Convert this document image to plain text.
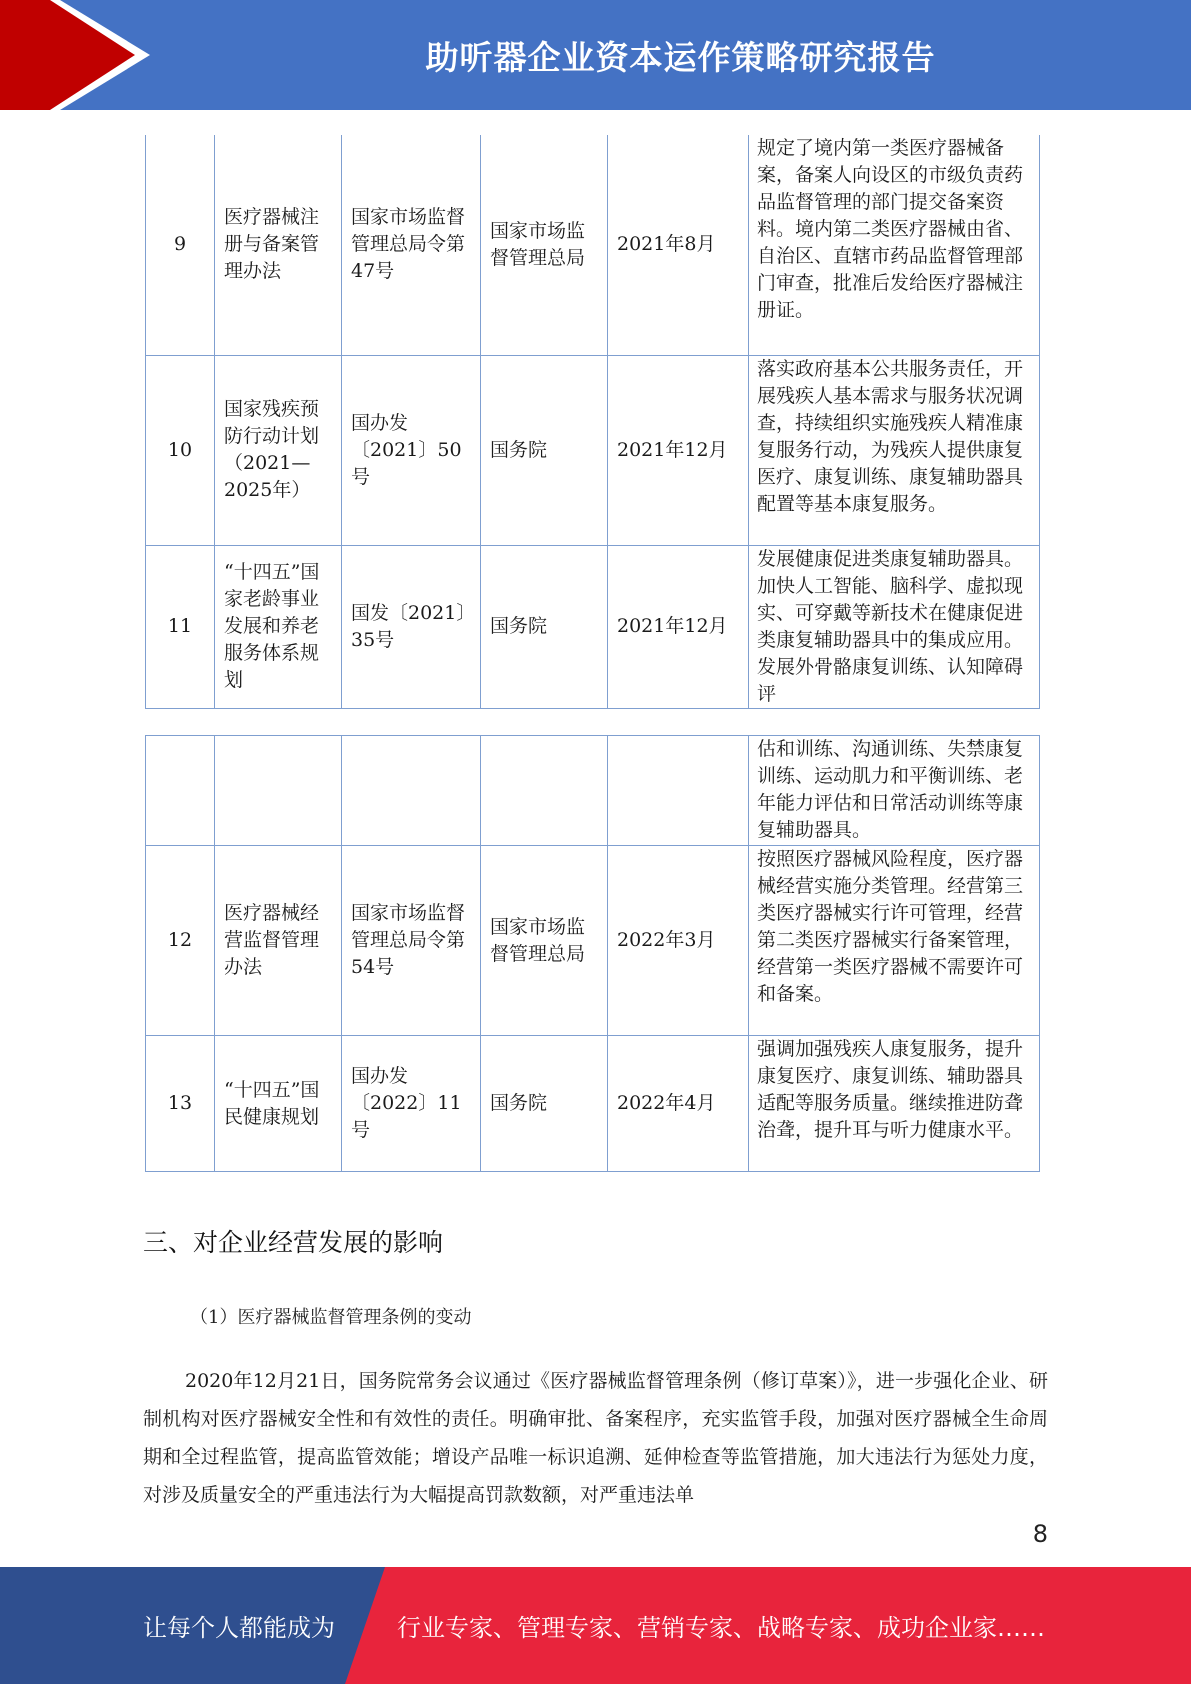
助听器企业资本运作策略研究报告
9	医疗器械注册与备案管理办法	国家市场监督管理总局令第47号	国家市场监督管理总局	2021年8月	规定了境内第一类医疗器械备案，备案人向设区的市级负责药品监督管理的部门提交备案资料。境内第二类医疗器械由省、自治区、直辖市药品监督管理部门审查，批准后发给医疗器械注册证。
10	国家残疾预防行动计划（2021—2025年）	国办发〔2021〕50号	国务院	2021年12月	落实政府基本公共服务责任，开展残疾人基本需求与服务状况调查，持续组织实施残疾人精准康复服务行动，为残疾人提供康复医疗、康复训练、康复辅助器具配置等基本康复服务。
11	“十四五”国家老龄事业发展和养老服务体系规划	国发〔2021〕35号	国务院	2021年12月	发展健康促进类康复辅助器具。加快人工智能、脑科学、虚拟现实、可穿戴等新技术在健康促进类康复辅助器具中的集成应用。发展外骨骼康复训练、认知障碍评
					估和训练、沟通训练、失禁康复训练、运动肌力和平衡训练、老年能力评估和日常活动训练等康复辅助器具。
12	医疗器械经营监督管理办法	国家市场监督管理总局令第54号	国家市场监督管理总局	2022年3月	按照医疗器械风险程度，医疗器械经营实施分类管理。经营第三类医疗器械实行许可管理，经营第二类医疗器械实行备案管理，经营第一类医疗器械不需要许可和备案。
13	“十四五”国民健康规划	国办发〔2022〕11号	国务院	2022年4月	强调加强残疾人康复服务，提升康复医疗、康复训练、辅助器具适配等服务质量。继续推进防聋治聋，提升耳与听力健康水平。
三、对企业经营发展的影响
（1）医疗器械监督管理条例的变动

2020年12月21日，国务院常务会议通过《医疗器械监督管理条例（修订草案）》，进一步强化企业、研制机构对医疗器械安全性和有效性的责任。明确审批、备案程序，充实监管手段，加强对医疗器械全生命周期和全过程监管，提高监管效能；增设产品唯一标识追溯、延伸检查等监管措施，加大违法行为惩处力度，对涉及质量安全的严重违法行为大幅提高罚款数额，对严重违法单

8
让每个人都能成为	行业专家、管理专家、营销专家、战略专家、成功企业家……
